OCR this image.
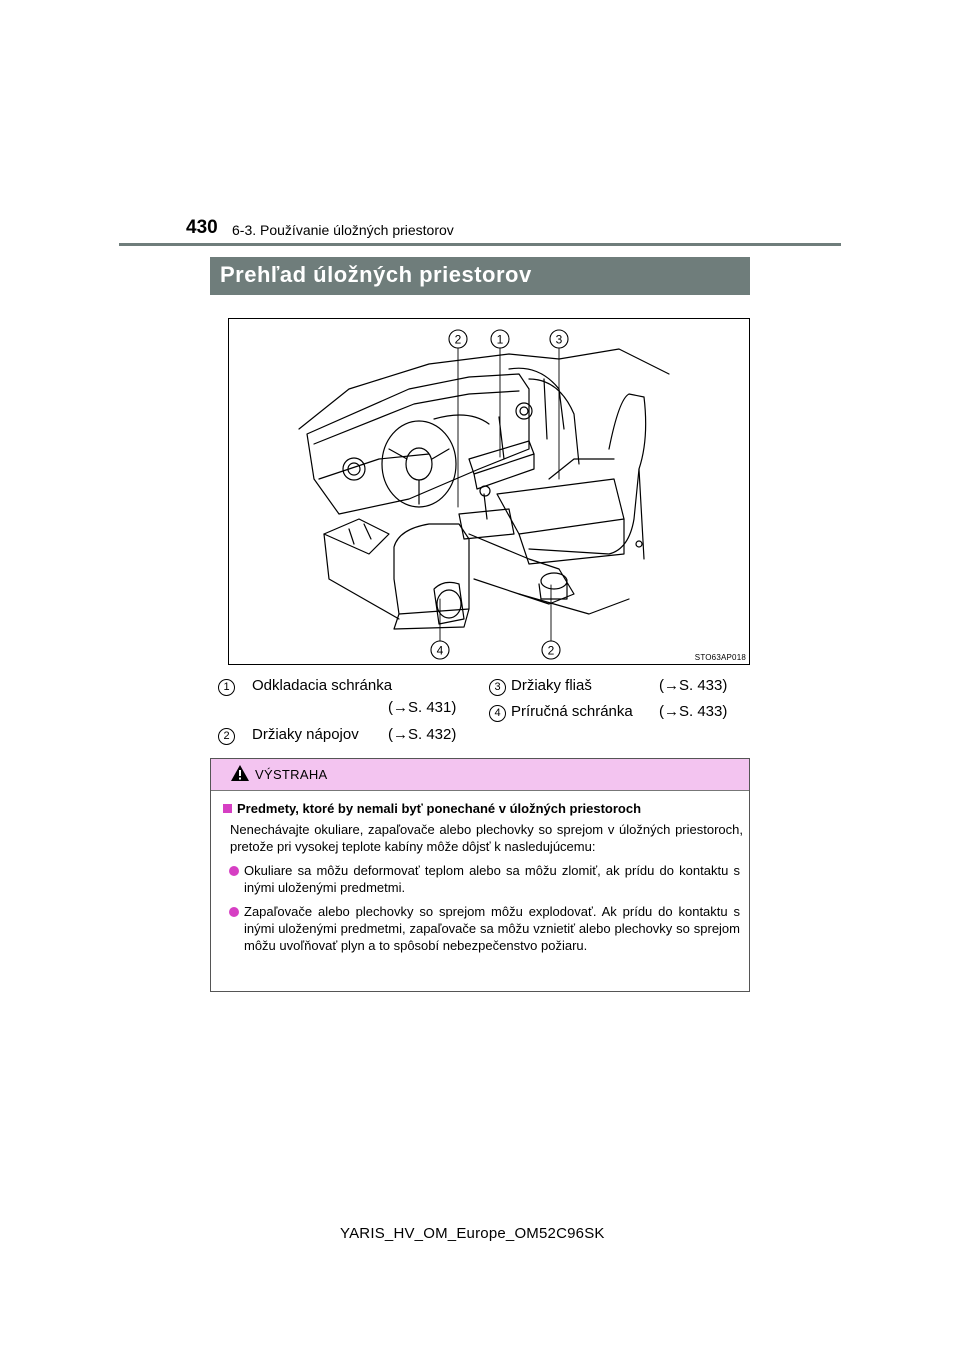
430 6-3. Používanie úložných priestorov
Prehľad úložných priestorov
2	1	3
4	2	STO63AP018
1	Odkladacia schránka
(→S. 431)
2	Držiaky nápojov (→S. 432)
3 Držiaky fliaš	(→S. 433)
4 Príručná schránka (→S. 433)
VÝSTRAHA
Predmety, ktoré by nemali byť ponechané v úložných priestoroch
Nenechávajte okuliare, zapaľovače alebo plechovky so sprejom v úložných priestoroch, pretože pri vysokej teplote kabíny môže dôjsť k nasledujúcemu:
Okuliare sa môžu deformovať teplom alebo sa môžu zlomiť, ak prídu do kontaktu s inými uloženými predmetmi.
Zapaľovače alebo plechovky so sprejom môžu explodovať. Ak prídu do kontaktu s inými uloženými predmetmi, zapaľovače sa môžu vznietiť alebo plechovky so sprejom môžu uvoľňovať plyn a to spôsobí nebezpečenstvo požiaru.
YARIS_HV_OM_Europe_OM52C96SK
